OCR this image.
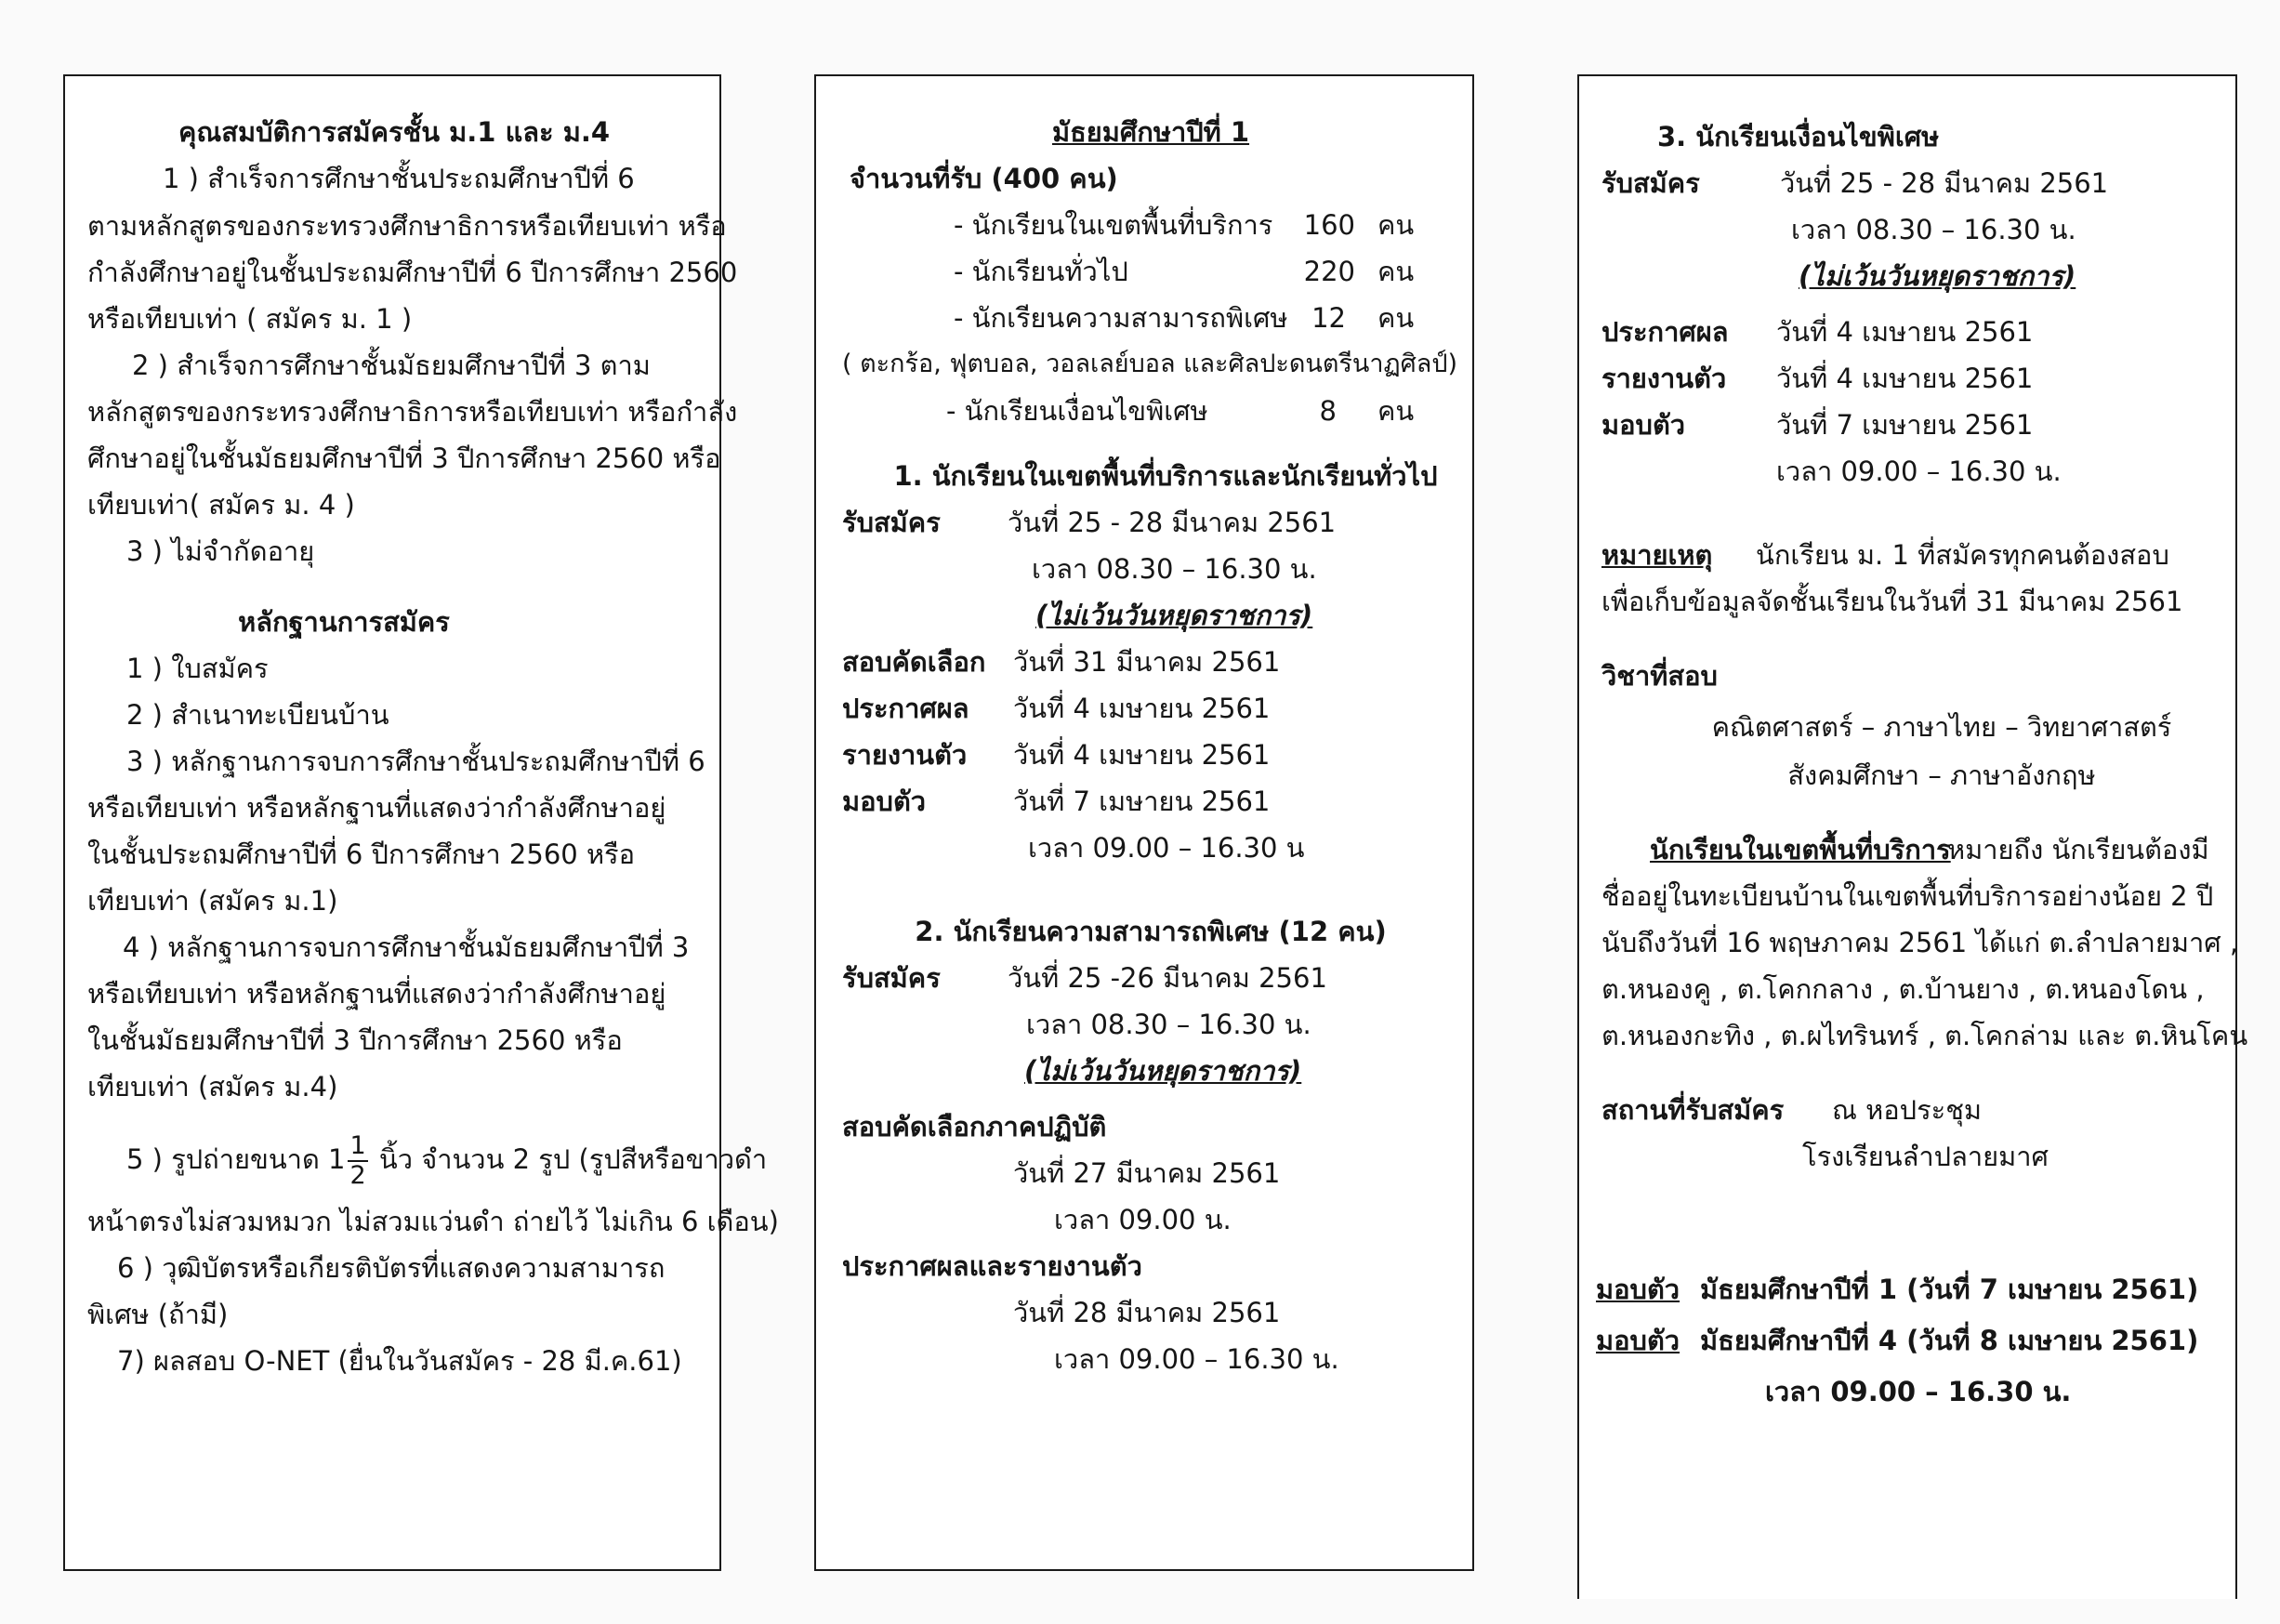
คุณสมบัติการสมัครชั้น ม.1 และ ม.4
1 ) สำเร็จการศึกษาชั้นประถมศึกษาปีที่ 6
ตามหลักสูตรของกระทรวงศึกษาธิการหรือเทียบเท่า หรือ
กำลังศึกษาอยู่ในชั้นประถมศึกษาปีที่ 6 ปีการศึกษา 2560
หรือเทียบเท่า ( สมัคร ม. 1 )
2 ) สำเร็จการศึกษาชั้นมัธยมศึกษาปีที่ 3 ตาม
หลักสูตรของกระทรวงศึกษาธิการหรือเทียบเท่า หรือกำลัง
ศึกษาอยู่ในชั้นมัธยมศึกษาปีที่ 3 ปีการศึกษา 2560 หรือ
เทียบเท่า( สมัคร ม. 4 )
3 ) ไม่จำกัดอายุ
หลักฐานการสมัคร
1 ) ใบสมัคร
2 ) สำเนาทะเบียนบ้าน
3 ) หลักฐานการจบการศึกษาชั้นประถมศึกษาปีที่ 6
หรือเทียบเท่า หรือหลักฐานที่แสดงว่ากำลังศึกษาอยู่
ในชั้นประถมศึกษาปีที่ 6 ปีการศึกษา 2560 หรือ
เทียบเท่า (สมัคร ม.1)
4 ) หลักฐานการจบการศึกษาชั้นมัธยมศึกษาปีที่ 3
หรือเทียบเท่า หรือหลักฐานที่แสดงว่ากำลังศึกษาอยู่
ในชั้นมัธยมศึกษาปีที่ 3 ปีการศึกษา 2560 หรือ
เทียบเท่า (สมัคร ม.4)
5 ) รูปถ่ายขนาด $1 \frac{1}{2}$ นิ้ว จำนวน 2 รูป (รูปสีหรือขาวดำ
หน้าตรงไม่สวมหมวก ไม่สวมแว่นดำ ถ่ายไว้ ไม่เกิน 6 เดือน)
6 ) วุฒิบัตรหรือเกียรติบัตรที่แสดงความสามารถ
พิเศษ (ถ้ามี)
7) ผลสอบ O-NET (ยื่นในวันสมัคร - 28 มี.ค.61)
มัธยมศึกษาปีที่ 1
จำนวนที่รับ (400 คน)
- นักเรียนในเขตพื้นที่บริการ 160 คน
- นักเรียนทั่วไป	220 คน
- นักเรียนความสามารถพิเศษ 12 คน
( ตะกร้อ, ฟุตบอล, วอลเลย์บอล และศิลปะดนตรีนาฏศิลป์)
- นักเรียนเงื่อนไขพิเศษ	8 คน
1. นักเรียนในเขตพื้นที่บริการและนักเรียนทั่วไป
รับสมัคร วันที่ 25 - 28 มีนาคม 2561
เวลา 08.30 – 16.30 น.
(ไม่เว้นวันหยุดราชการ)
สอบคัดเลือก วันที่ 31 มีนาคม 2561
ประกาศผล วันที่ 4 เมษายน 2561
รายงานตัว วันที่ 4 เมษายน 2561
มอบตัว	วันที่ 7 เมษายน 2561
เวลา 09.00 – 16.30 น
2. นักเรียนความสามารถพิเศษ (12 คน)
รับสมัคร วันที่ 25 -26 มีนาคม 2561
เวลา 08.30 – 16.30 น.
(ไม่เว้นวันหยุดราชการ)
สอบคัดเลือกภาคปฏิบัติ
วันที่ 27 มีนาคม 2561
เวลา 09.00 น.
ประกาศผลและรายงานตัว
วันที่ 28 มีนาคม 2561
เวลา 09.00 – 16.30 น.
3. นักเรียนเงื่อนไขพิเศษ
รับสมัคร	วันที่ 25 - 28 มีนาคม 2561
เวลา 08.30 – 16.30 น.
(ไม่เว้นวันหยุดราชการ)
ประกาศผล วันที่ 4 เมษายน 2561
รายงานตัว วันที่ 4 เมษายน 2561
มอบตัว	วันที่ 7 เมษายน 2561
เวลา 09.00 – 16.30 น.
หมายเหตุ นักเรียน ม. 1 ที่สมัครทุกคนต้องสอบ
เพื่อเก็บข้อมูลจัดชั้นเรียนในวันที่ 31 มีนาคม 2561
วิชาที่สอบ
คณิตศาสตร์ – ภาษาไทย – วิทยาศาสตร์
สังคมศึกษา – ภาษาอังกฤษ
นักเรียนในเขตพื้นที่บริการ
หมายถึง นักเรียนต้องมี
ชื่ออยู่ในทะเบียนบ้านในเขตพื้นที่บริการอย่างน้อย 2 ปี
นับถึงวันที่ 16 พฤษภาคม 2561 ได้แก่ ต.ลำปลายมาศ ,
ต.หนองคู , ต.โคกกลาง , ต.บ้านยาง , ต.หนองโดน ,
ต.หนองกะทิง , ต.ผไทรินทร์ , ต.โคกล่าม และ ต.หินโคน
สถานที่รับสมัคร ณ หอประชุม
โรงเรียนลำปลายมาศ
มอบตัว มัธยมศึกษาปีที่ 1 (วันที่ 7 เมษายน 2561)
มอบตัว มัธยมศึกษาปีที่ 4 (วันที่ 8 เมษายน 2561)
เวลา 09.00 – 16.30 น.
